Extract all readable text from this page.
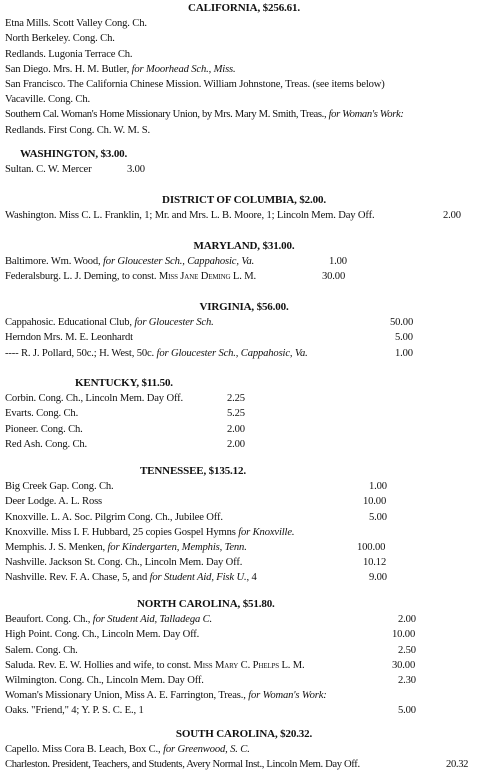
CALIFORNIA, $256.61.
Etna Mills. Scott Valley Cong. Ch.
North Berkeley. Cong. Ch.
Redlands. Lugonia Terrace Ch.
San Diego. Mrs. H. M. Butler, for Moorhead Sch., Miss.
San Francisco. The California Chinese Mission. William Johnstone, Treas. (see items below)
Vacaville. Cong. Ch.
Southern Cal. Woman's Home Missionary Union, by Mrs. Mary M. Smith, Treas., for Woman's Work:
Redlands. First Cong. Ch. W. M. S.
WASHINGTON, $3.00.
Sultan. C. W. Mercer	3.00
DISTRICT OF COLUMBIA, $2.00.
Washington. Miss C. L. Franklin, 1; Mr. and Mrs. L. B. Moore, 1; Lincoln Mem. Day Off.	2.00
MARYLAND, $31.00.
Baltimore. Wm. Wood, for Gloucester Sch., Cappahosic, Va.	1.00
Federalsburg. L. J. Deming, to const. Miss Jane Deming L. M.	30.00
VIRGINIA, $56.00.
Cappahosic. Educational Club, for Gloucester Sch.	50.00
Herndon Mrs. M. E. Leonhardt	5.00
---- R. J. Pollard, 50c.; H. West, 50c. for Gloucester Sch., Cappahosic, Va.	1.00
KENTUCKY, $11.50.
Corbin. Cong. Ch., Lincoln Mem. Day Off.	2.25
Evarts. Cong. Ch.	5.25
Pioneer. Cong. Ch.	2.00
Red Ash. Cong. Ch.	2.00
TENNESSEE, $135.12.
Big Creek Gap. Cong. Ch.	1.00
Deer Lodge. A. L. Ross	10.00
Knoxville. L. A. Soc. Pilgrim Cong. Ch., Jubilee Off.	5.00
Knoxville. Miss I. F. Hubbard, 25 copies Gospel Hymns for Knoxville.
Memphis. J. S. Menken, for Kindergarten, Memphis, Tenn.	100.00
Nashville. Jackson St. Cong. Ch., Lincoln Mem. Day Off.	10.12
Nashville. Rev. F. A. Chase, 5, and for Student Aid, Fisk U., 4	9.00
NORTH CAROLINA, $51.80.
Beaufort. Cong. Ch., for Student Aid, Talladega C.	2.00
High Point. Cong. Ch., Lincoln Mem. Day Off.	10.00
Salem. Cong. Ch.	2.50
Saluda. Rev. E. W. Hollies and wife, to const. Miss Mary C. Phelps L. M.	30.00
Wilmington. Cong. Ch., Lincoln Mem. Day Off.	2.30
Woman's Missionary Union, Miss A. E. Farrington, Treas., for Woman's Work:
Oaks. "Friend," 4; Y. P. S. C. E., 1	5.00
SOUTH CAROLINA, $20.32.
Capello. Miss Cora B. Leach, Box C., for Greenwood, S. C.
Charleston. President, Teachers, and Students, Avery Normal Inst., Lincoln Mem. Day Off.	20.32
